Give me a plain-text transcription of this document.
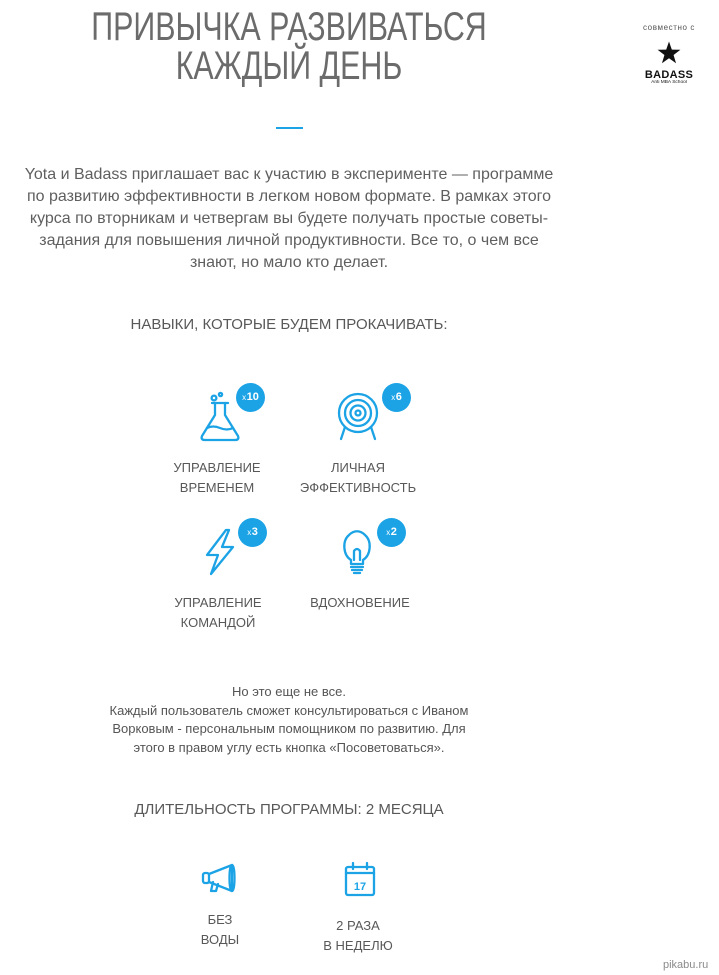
ПРИВЫЧКА РАЗВИВАТЬСЯ
КАЖДЫЙ ДЕНЬ
совместно с
BADASS
Anti MBA School
Yota и Badass приглашает вас к участию в эксперименте — программе
по развитию эффективности в легком новом формате. В рамках этого
курса по вторникам и четвергам вы будете получать простые советы-
задания для повышения личной продуктивности. Все то, о чем все
знают, но мало кто делает.
НАВЫКИ, КОТОРЫЕ БУДЕМ ПРОКАЧИВАТЬ:
x 10
УПРАВЛЕНИЕ
ВРЕМЕНЕМ
x 6
ЛИЧНАЯ
ЭФФЕКТИВНОСТЬ
x 3
УПРАВЛЕНИЕ
КОМАНДОЙ
x 2
ВДОХНОВЕНИЕ
Но это еще не все.
Каждый пользователь сможет консультироваться с Иваном
Ворковым - персональным помощником по развитию. Для
этого в правом углу есть кнопка «Посоветоваться».
ДЛИТЕЛЬНОСТЬ ПРОГРАММЫ: 2 МЕСЯЦА
БЕЗ
ВОДЫ
17
2 РАЗА
В НЕДЕЛЮ
pikabu.ru
